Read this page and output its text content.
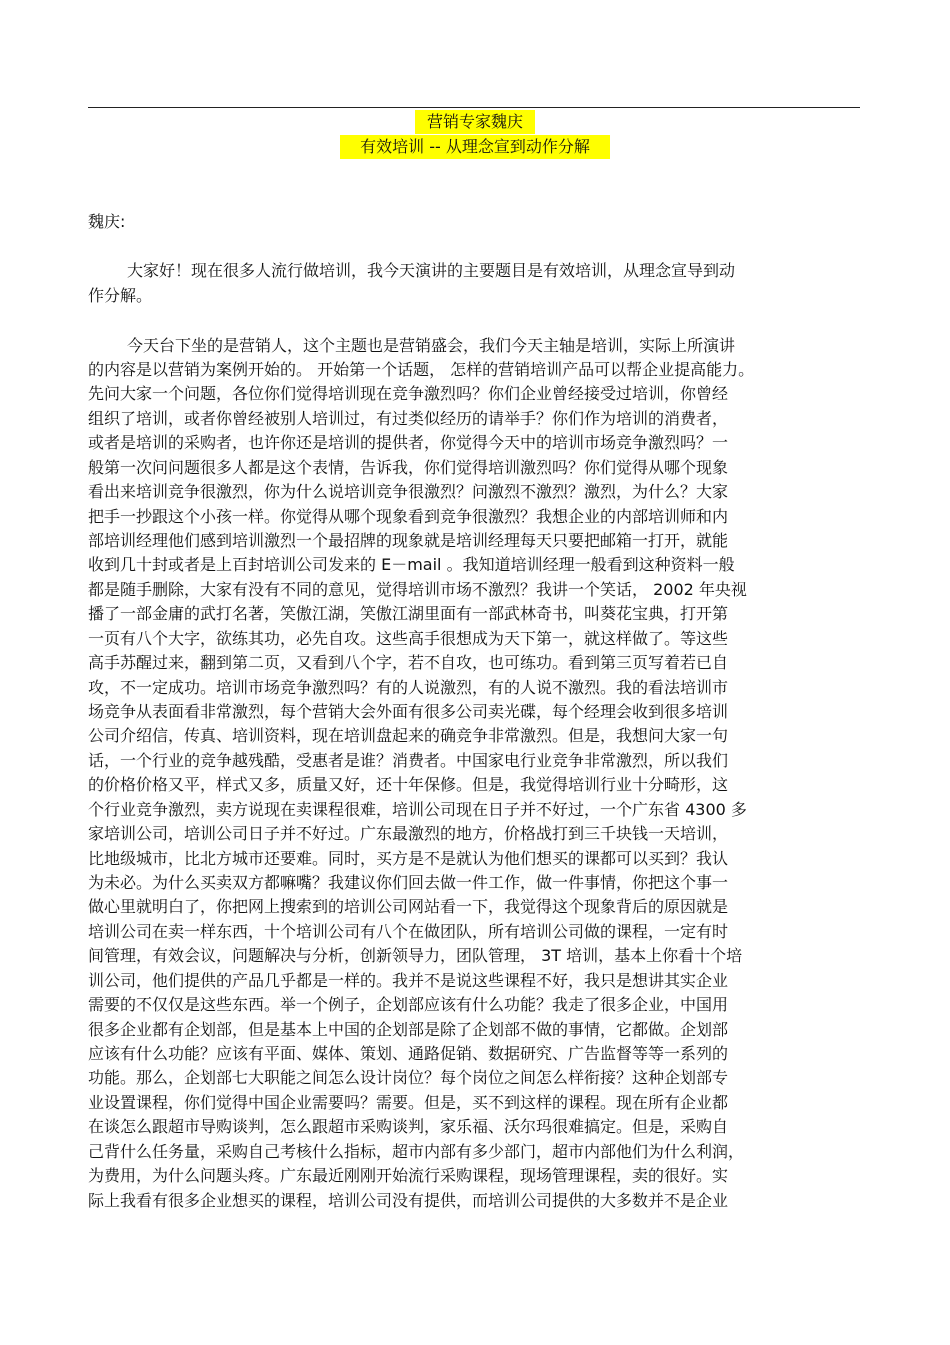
营销专家魏庆
有效培训 -- 从理念宣到动作分解
魏庆:
大家好！现在很多人流行做培训，我今天演讲的主要题目是有效培训，从理念宣导到动
作分解。
今天台下坐的是营销人，这个主题也是营销盛会，我们今天主轴是培训，实际上所演讲
的内容是以营销为案例开始的。 开始第一个话题， 怎样的营销培训产品可以帮企业提高能力。
先问大家一个问题，各位你们觉得培训现在竞争激烈吗？你们企业曾经接受过培训，你曾经
组织了培训，或者你曾经被别人培训过，有过类似经历的请举手？你们作为培训的消费者，
或者是培训的采购者，也许你还是培训的提供者，你觉得今天中的培训市场竞争激烈吗？一
般第一次问问题很多人都是这个表情，告诉我，你们觉得培训激烈吗？你们觉得从哪个现象
看出来培训竞争很激烈，你为什么说培训竞争很激烈？问激烈不激烈？激烈，为什么？大家
把手一抄跟这个小孩一样。你觉得从哪个现象看到竞争很激烈？我想企业的内部培训师和内
部培训经理他们感到培训激烈一个最招牌的现象就是培训经理每天只要把邮箱一打开，就能
收到几十封或者是上百封培训公司发来的 E－mail 。我知道培训经理一般看到这种资料一般
都是随手删除，大家有没有不同的意见，觉得培训市场不激烈？我讲一个笑话， 2002 年央视
播了一部金庸的武打名著，笑傲江湖，笑傲江湖里面有一部武林奇书，叫葵花宝典，打开第
一页有八个大字，欲练其功，必先自攻。这些高手很想成为天下第一，就这样做了。等这些
高手苏醒过来，翻到第二页，又看到八个字，若不自攻，也可练功。看到第三页写着若已自
攻，不一定成功。培训市场竞争激烈吗？有的人说激烈，有的人说不激烈。我的看法培训市
场竞争从表面看非常激烈，每个营销大会外面有很多公司卖光碟，每个经理会收到很多培训
公司介绍信，传真、培训资料，现在培训盘起来的确竞争非常激烈。但是，我想问大家一句
话，一个行业的竞争越残酷，受惠者是谁？消费者。中国家电行业竞争非常激烈，所以我们
的价格价格又平，样式又多，质量又好，还十年保修。但是，我觉得培训行业十分畸形，这
个行业竞争激烈，卖方说现在卖课程很难，培训公司现在日子并不好过，一个广东省 4300 多
家培训公司，培训公司日子并不好过。广东最激烈的地方，价格战打到三千块钱一天培训，
比地级城市，比北方城市还要难。同时，买方是不是就认为他们想买的课都可以买到？我认
为未必。为什么买卖双方都嘛嘴？我建议你们回去做一件工作，做一件事情，你把这个事一
做心里就明白了，你把网上搜索到的培训公司网站看一下，我觉得这个现象背后的原因就是
培训公司在卖一样东西，十个培训公司有八个在做团队，所有培训公司做的课程，一定有时
间管理，有效会议，问题解决与分析，创新领导力，团队管理， 3T 培训，基本上你看十个培
训公司，他们提供的产品几乎都是一样的。我并不是说这些课程不好，我只是想讲其实企业
需要的不仅仅是这些东西。举一个例子，企划部应该有什么功能？我走了很多企业，中国用
很多企业都有企划部，但是基本上中国的企划部是除了企划部不做的事情，它都做。企划部
应该有什么功能？应该有平面、媒体、策划、通路促销、数据研究、广告监督等等一系列的
功能。那么，企划部七大职能之间怎么设计岗位？每个岗位之间怎么样衔接？这种企划部专
业设置课程，你们觉得中国企业需要吗？需要。但是，买不到这样的课程。现在所有企业都
在谈怎么跟超市导购谈判，怎么跟超市采购谈判，家乐福、沃尔玛很难搞定。但是，采购自
己背什么任务量，采购自己考核什么指标，超市内部有多少部门，超市内部他们为什么利润，
为费用，为什么问题头疼。广东最近刚刚开始流行采购课程，现场管理课程，卖的很好。实
际上我看有很多企业想买的课程，培训公司没有提供，而培训公司提供的大多数并不是企业
